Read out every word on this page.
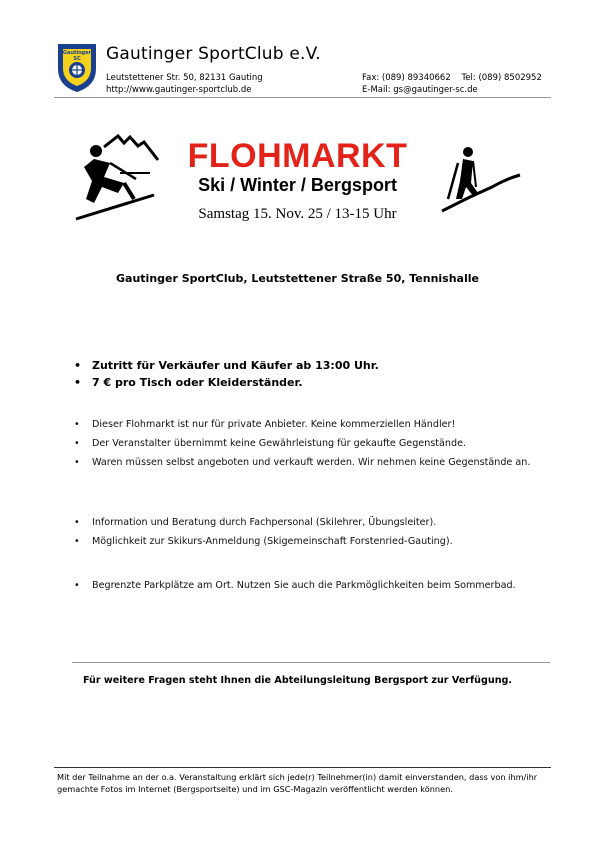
Gautinger
SC	Gautinger SportClub e.V.
Leutstettener Str. 50, 82131 Gauting
http://www.gautinger-sportclub.de
Fax: (089) 89340662    Tel: (089) 8502952
E-Mail: gs@gautinger-sc.de
FLOHMARKT
Ski / Winter / Bergsport
Samstag 15. Nov. 25 / 13-15 Uhr
Gautinger SportClub, Leutstettener Straße 50, Tennishalle
• Zutritt für Verkäufer und Käufer ab 13:00 Uhr.
• 7 € pro Tisch oder Kleiderständer.
• Dieser Flohmarkt ist nur für private Anbieter. Keine kommerziellen Händler!
• Der Veranstalter übernimmt keine Gewährleistung für gekaufte Gegenstände.
• Waren müssen selbst angeboten und verkauft werden. Wir nehmen keine Gegenstände an.
• Information und Beratung durch Fachpersonal (Skilehrer, Übungsleiter).
• Möglichkeit zur Skikurs-Anmeldung (Skigemeinschaft Forstenried-Gauting).
• Begrenzte Parkplätze am Ort. Nutzen Sie auch die Parkmöglichkeiten beim Sommerbad.
Für weitere Fragen steht Ihnen die Abteilungsleitung Bergsport zur Verfügung.
Mit der Teilnahme an der o.a. Veranstaltung erklärt sich jede(r) Teilnehmer(in) damit einverstanden, dass von ihm/ihr gemachte Fotos im Internet (Bergsportseite) und im GSC-Magazin veröffentlicht werden können.
